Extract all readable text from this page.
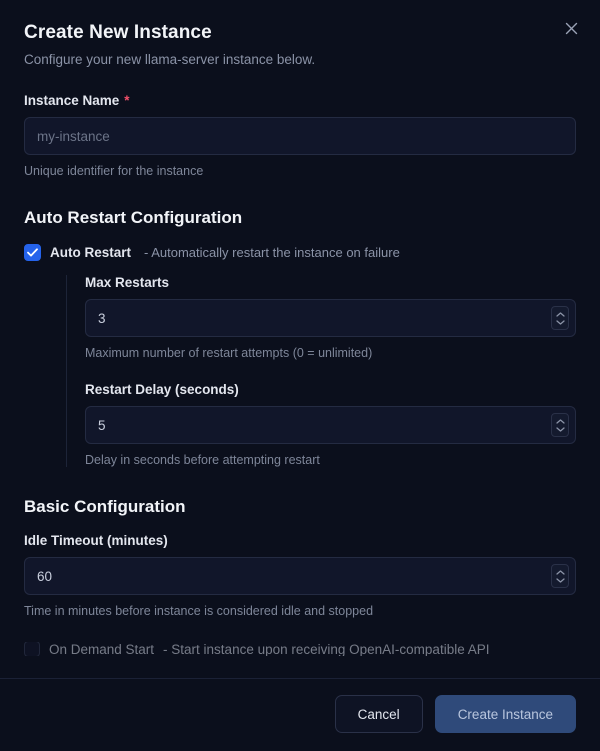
Create New Instance

Configure your new llama-server instance below.

Instance Name *
my-instance
Unique identifier for the instance
Auto Restart Configuration
Auto Restart - Automatically restart the instance on failure
Max Restarts
3
Maximum number of restart attempts (0 = unlimited)
Restart Delay (seconds)
5
Delay in seconds before attempting restart
Basic Configuration
Idle Timeout (minutes)
60
Time in minutes before instance is considered idle and stopped
On Demand Start - Start instance upon receiving OpenAI-compatible API
Cancel	Create Instance
